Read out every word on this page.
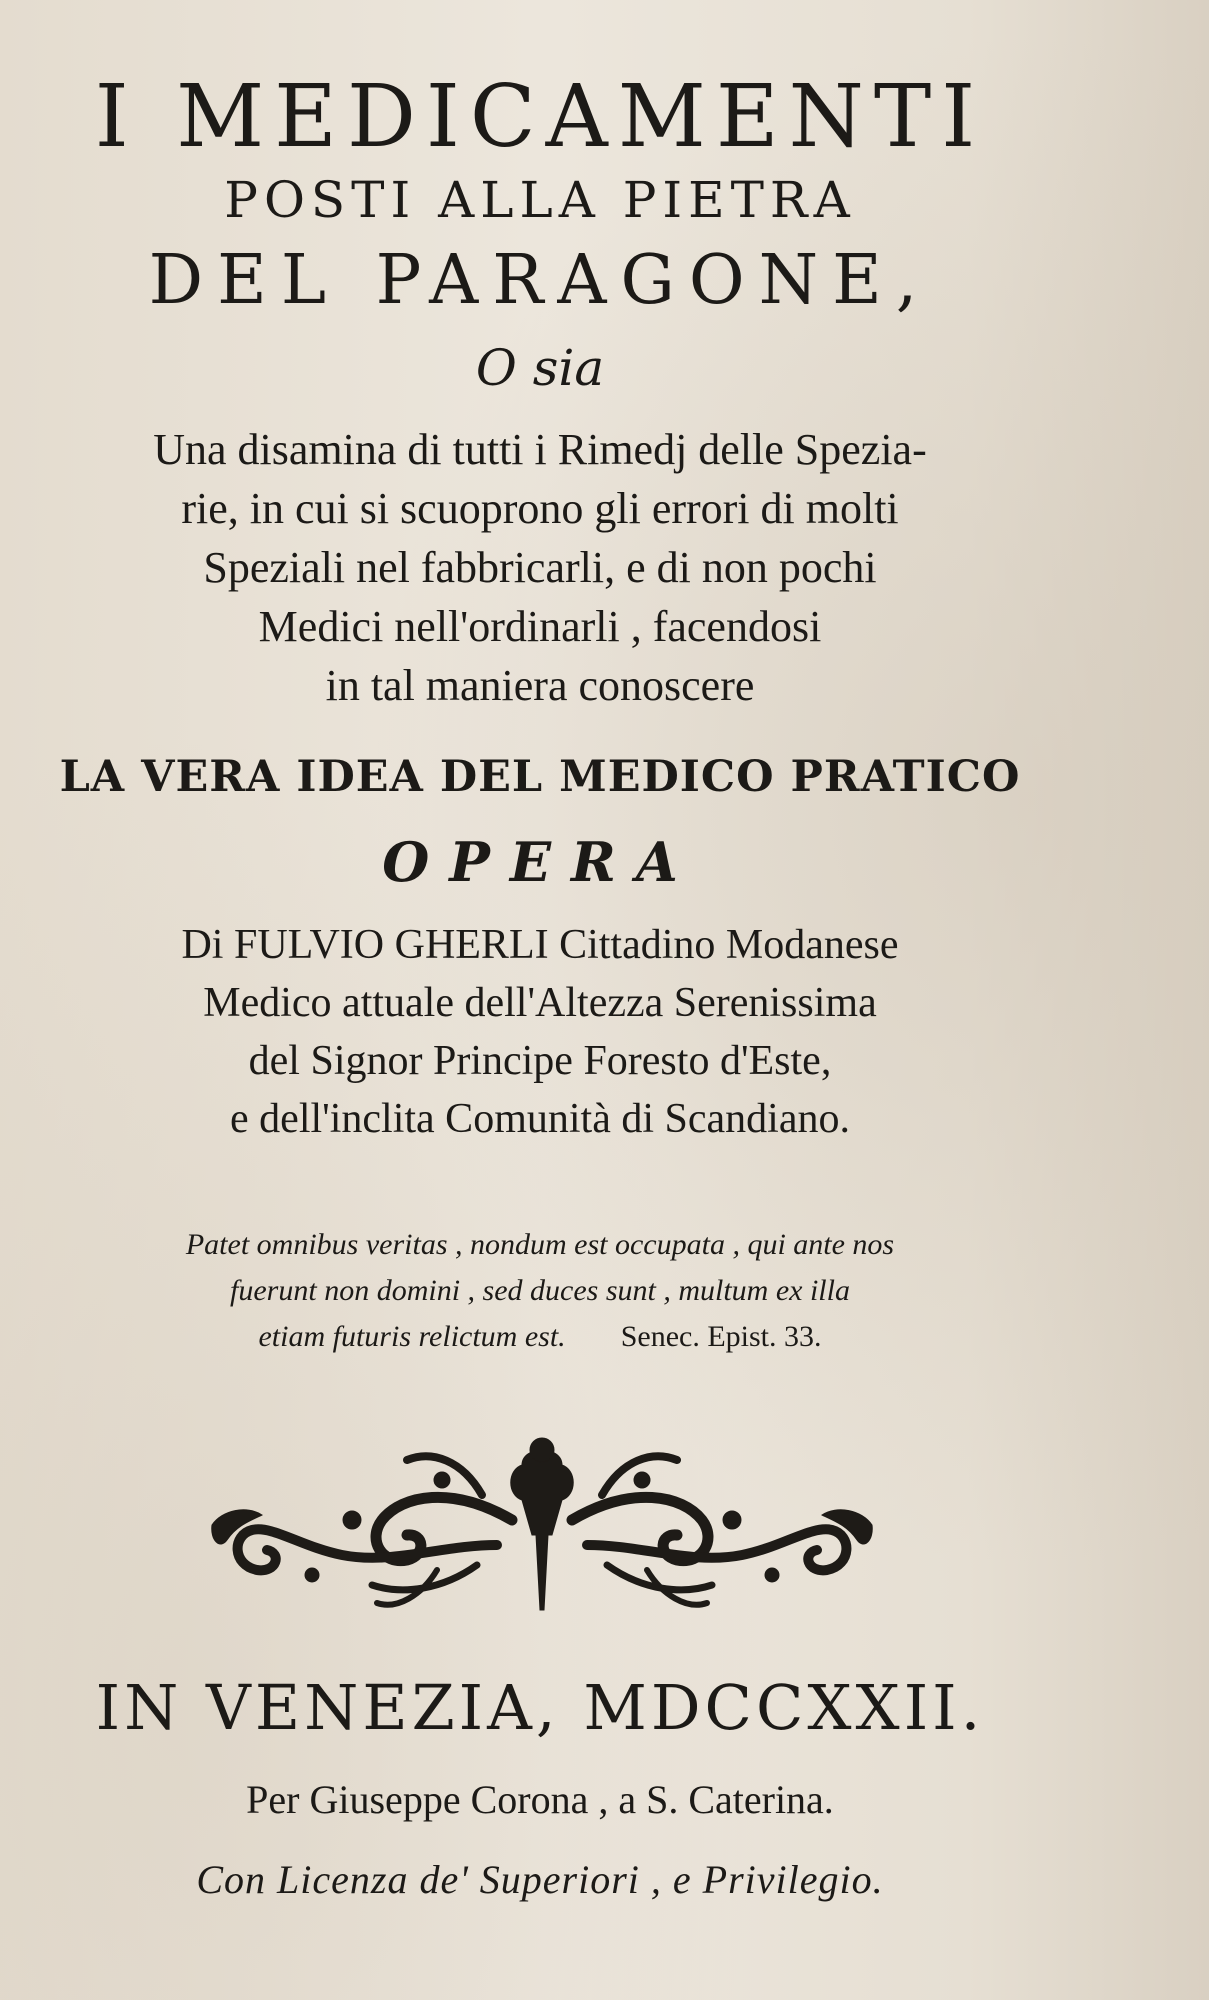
I MEDICAMENTI
POSTI ALLA PIETRA
DEL PARAGONE,
O sia
Una disamina di tutti i Rimedj delle Spezia-
rie, in cui si scuoprono gli errori di molti
Speziali nel fabbricarli, e di non pochi
Medici nell'ordinarli , facendosi
in tal maniera conoscere
LA VERA IDEA DEL MEDICO PRATICO
OPERA
Di FULVIO GHERLI Cittadino Modanese
Medico attuale dell'Altezza Serenissima
del Signor Principe Foresto d'Este,
e dell'inclita Comunità di Scandiano.
Patet omnibus veritas , nondum est occupata , qui ante nos
fuerunt non domini , sed duces sunt , multum ex illa
etiam futuris relictum est. Senec. Epist. 33.
IN VENEZIA, MDCCXXII.
Per Giuseppe Corona , a S. Caterina.
Con Licenza de' Superiori , e Privilegio.
